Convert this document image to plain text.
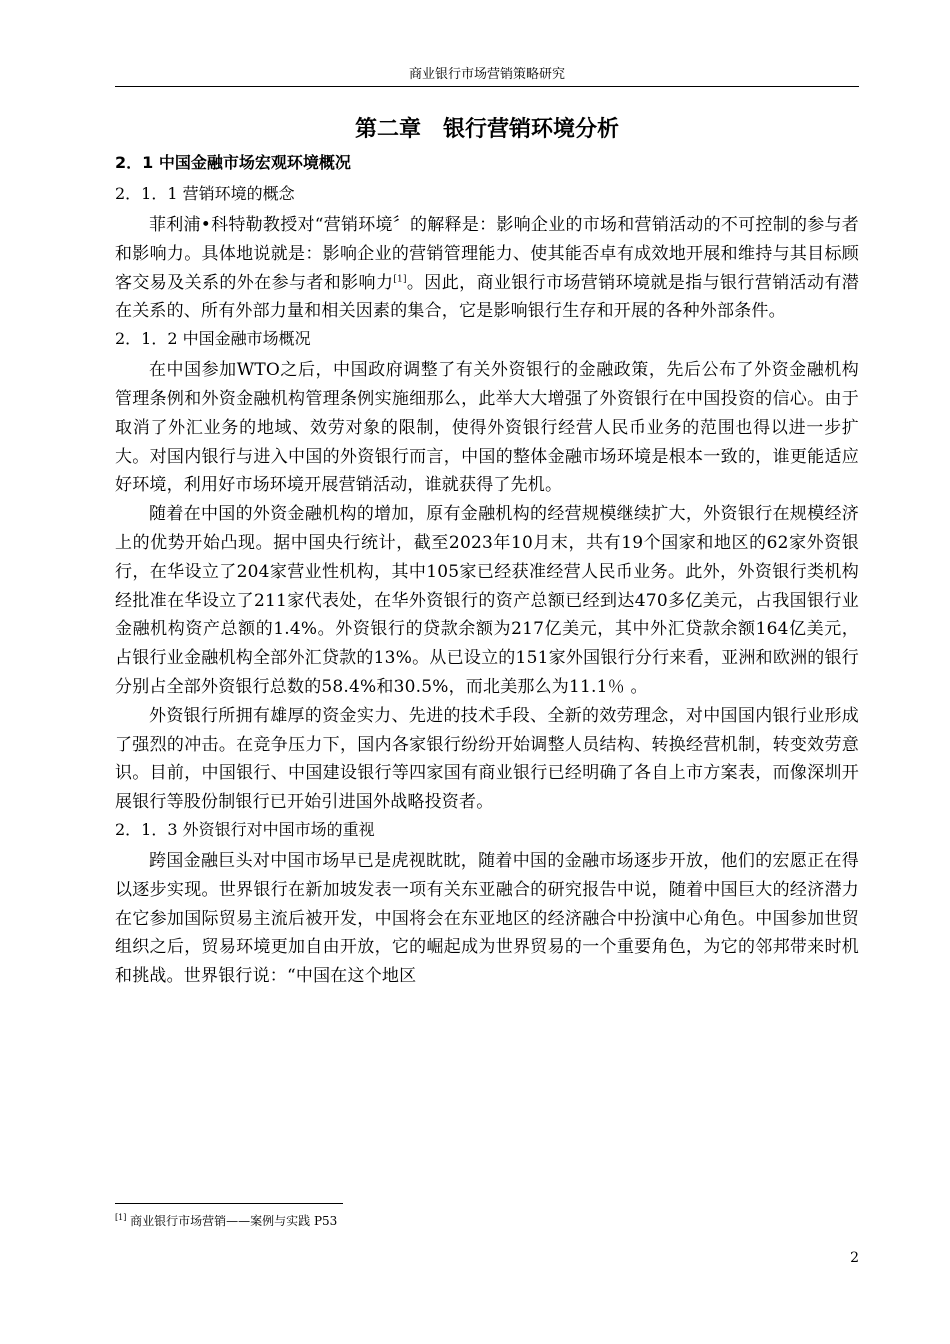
商业银行市场营销策略研究
第二章　银行营销环境分析
2．1 中国金融市场宏观环境概况
2．1．1 营销环境的概念

菲利浦•科特勒教授对“营销环境〞的解释是：影响企业的市场和营销活动的不可控制的参与者和影响力。具体地说就是：影响企业的营销管理能力、使其能否卓有成效地开展和维持与其目标顾客交易及关系的外在参与者和影响力[1]。因此，商业银行市场营销环境就是指与银行营销活动有潜在关系的、所有外部力量和相关因素的集合，它是影响银行生存和开展的各种外部条件。

2．1．2 中国金融市场概况

在中国参加WTO之后，中国政府调整了有关外资银行的金融政策，先后公布了外资金融机构管理条例和外资金融机构管理条例实施细那么，此举大大增强了外资银行在中国投资的信心。由于取消了外汇业务的地域、效劳对象的限制，使得外资银行经营人民币业务的范围也得以进一步扩大。对国内银行与进入中国的外资银行而言，中国的整体金融市场环境是根本一致的，谁更能适应好环境，利用好市场环境开展营销活动，谁就获得了先机。

随着在中国的外资金融机构的增加，原有金融机构的经营规模继续扩大，外资银行在规模经济上的优势开始凸现。据中国央行统计，截至2023年10月末，共有19个国家和地区的62家外资银行，在华设立了204家营业性机构，其中105家已经获准经营人民币业务。此外，外资银行类机构经批准在华设立了211家代表处，在华外资银行的资产总额已经到达470多亿美元，占我国银行业金融机构资产总额的1.4%。外资银行的贷款余额为217亿美元，其中外汇贷款余额164亿美元，占银行业金融机构全部外汇贷款的13%。从已设立的151家外国银行分行来看，亚洲和欧洲的银行分别占全部外资银行总数的58.4%和30.5%，而北美那么为11.1％ 。

外资银行所拥有雄厚的资金实力、先进的技术手段、全新的效劳理念，对中国国内银行业形成了强烈的冲击。在竞争压力下，国内各家银行纷纷开始调整人员结构、转换经营机制，转变效劳意识。目前，中国银行、中国建设银行等四家国有商业银行已经明确了各自上市方案表，而像深圳开展银行等股份制银行已开始引进国外战略投资者。

2．1．3 外资银行对中国市场的重视

跨国金融巨头对中国市场早已是虎视眈眈，随着中国的金融市场逐步开放，他们的宏愿正在得以逐步实现。世界银行在新加坡发表一项有关东亚融合的研究报告中说，随着中国巨大的经济潜力在它参加国际贸易主流后被开发，中国将会在东亚地区的经济融合中扮演中心角色。中国参加世贸组织之后，贸易环境更加自由开放，它的崛起成为世界贸易的一个重要角色，为它的邻邦带来时机和挑战。世界银行说：“中国在这个地区

[1] 商业银行市场营销——案例与实践 P53
2
